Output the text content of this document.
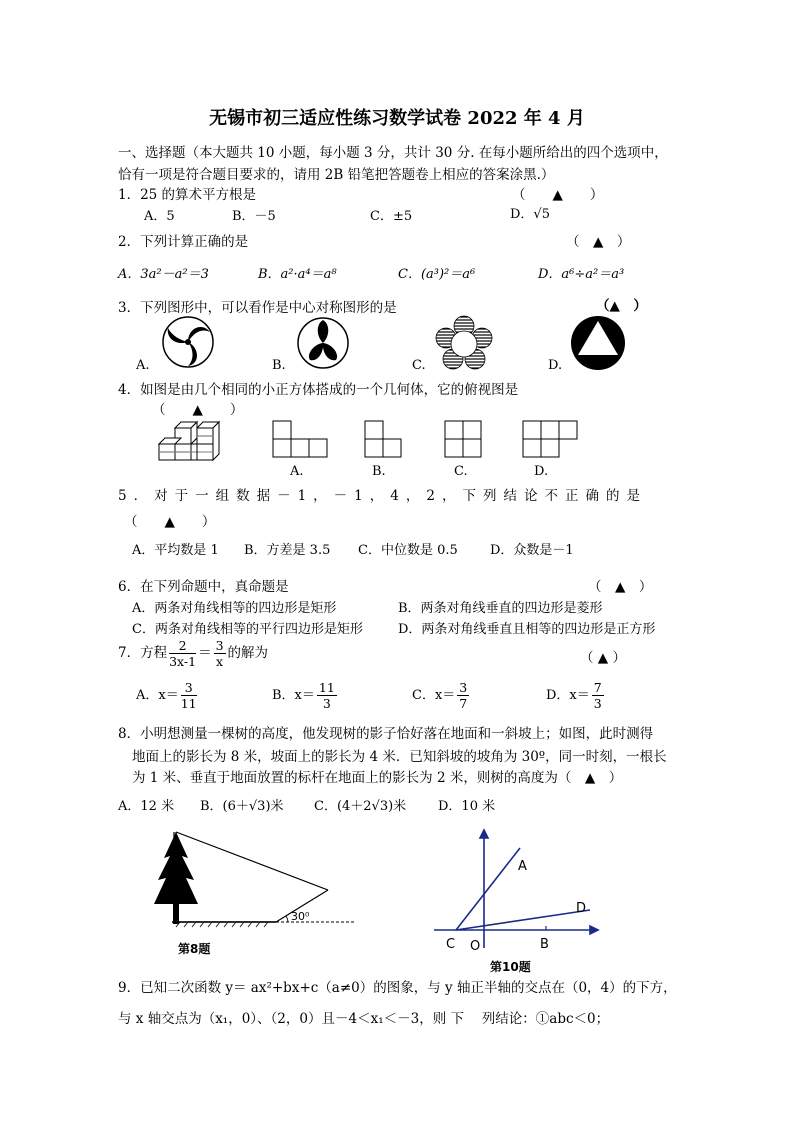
无锡市初三适应性练习数学试卷 2022 年 4 月
一、选择题（本大题共 10 小题，每小题 3 分，共计 30 分. 在每小题所给出的四个选项中，
恰有一项是符合题目要求的，请用 2B 铅笔把答题卷上相应的答案涂黑.）
1．25 的算术平方根是	（　　▲　　）
A．5	B．－5	C．±5	D．√5
2．下列计算正确的是	（　▲　）
A．3a²－a²＝3	B．a²·a⁴＝a⁸	C．(a³)²＝a⁶	D．a⁶÷a²＝a³
3．下列图形中，可以看作是中心对称图形的是	（▲　）
A.	B.	C.	D.
4．如图是由几个相同的小正方体搭成的一个几何体，它的俯视图是
（　　▲　　）
A.	B.	C.	D.
5．对于一组数据－1，－1，4，2，下列结论不正确的是
（　　▲　　）
A．平均数是 1 B．方差是 3.5 C．中位数是 0.5 D．众数是－1
6．在下列命题中，真命题是	（　▲　）
A．两条对角线相等的四边形是矩形	B．两条对角线垂直的四边形是菱形
C．两条对角线相等的平行四边形是矩形	D．两条对角线垂直且相等的四边形是正方形
7．方程 $\frac{2}{3x-1} = \frac{3}{x}$ 的解为	（ ▲ ）
A．$x= \frac{3}{11}$	B．$x= \frac{11}{3}$	C．$x= \frac{3}{7}$	D．$x= \frac{7}{3}$
8．小明想测量一棵树的高度，他发现树的影子恰好落在地面和一斜坡上；如图，此时测得
地面上的影长为 8 米，坡面上的影长为 4 米．已知斜坡的坡角为 30º，同一时刻，一根长
为 1 米、垂直于地面放置的标杆在地面上的影长为 2 米，则树的高度为（　▲　）
A．12 米 B．(6＋√3)米 C．(4＋2√3)米 D．10 米
30⁰
第8题
A
D
C O	B
第10题
9．已知二次函数 y＝ ax²+bx+c（a≠0）的图象，与 y 轴正半轴的交点在（0，4）的下方，
与 x 轴交点为（x₁，0）、（2，0）且－4＜x₁＜－3，则 下　 列结论：①abc＜0；
